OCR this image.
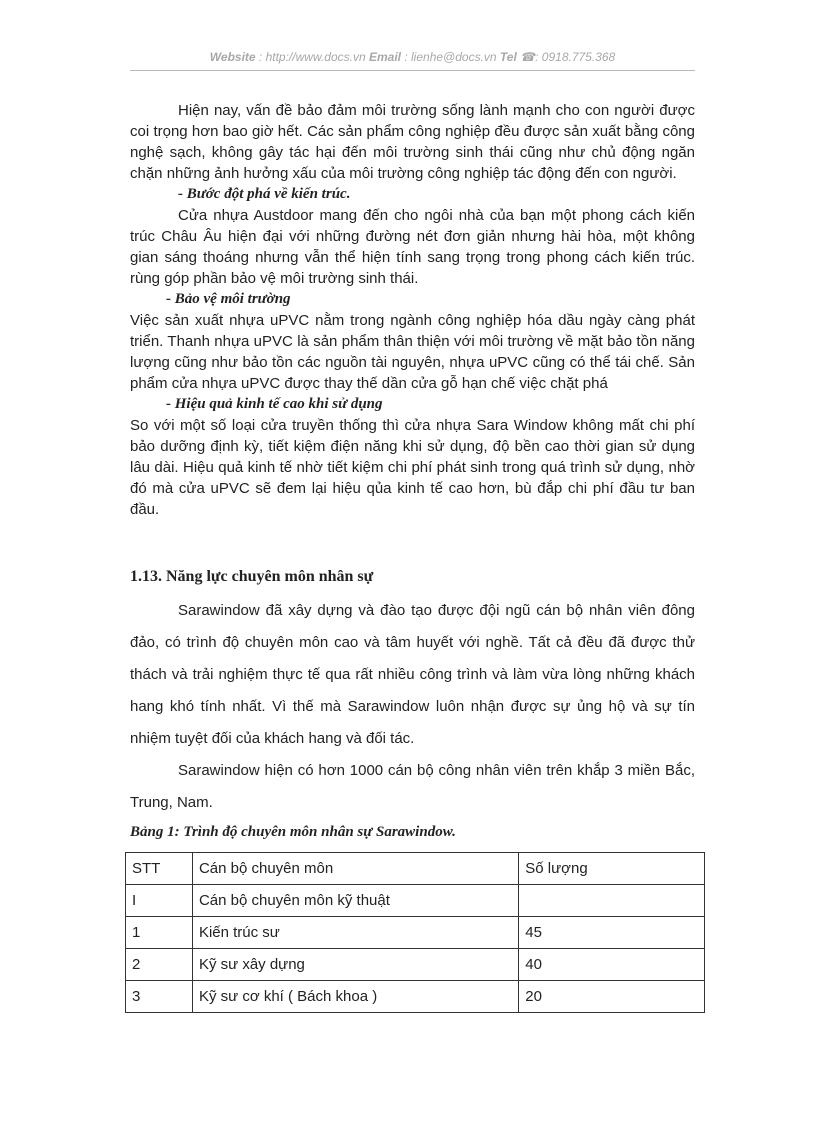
Website : http://www.docs.vn Email : lienhe@docs.vn Tel ☎: 0918.775.368

Hiện nay, vấn đề bảo đảm môi trường sống lành mạnh cho con người được coi trọng hơn bao giờ hết. Các sản phẩm công nghiệp đều được sản xuất bằng công nghệ sạch, không gây tác hại đến môi trường sinh thái cũng như chủ động ngăn chặn những ảnh hưởng xấu của môi trường công nghiệp tác động đến con người.

- Bước đột phá về kiến trúc.

Cửa nhựa Austdoor mang đến cho ngôi nhà của bạn một phong cách kiến trúc Châu Âu hiện đại với những đường nét đơn giản nhưng hài hòa, một không gian sáng thoáng nhưng vẫn thể hiện tính sang trọng trong phong cách kiến trúc. rùng góp phần bảo vệ môi trường sinh thái.

- Bảo vệ môi trường

Việc sản xuất nhựa uPVC nằm trong ngành công nghiệp hóa dầu ngày càng phát triển. Thanh nhựa uPVC là sản phẩm thân thiện với môi trường về mặt bảo tồn năng lượng cũng như bảo tồn các nguồn tài nguyên, nhựa uPVC cũng có thể tái chế. Sản phẩm cửa nhựa uPVC được thay thế dần cửa gỗ hạn chế việc chặt phá

- Hiệu quả kinh tế cao khi sử dụng

So với một số loại cửa truyền thống thì cửa nhựa Sara Window không mất chi phí bảo dưỡng định kỳ, tiết kiệm điện năng khi sử dụng, độ bền cao thời gian sử dụng lâu dài. Hiệu quả kinh tế nhờ tiết kiệm chi phí phát sinh trong quá trình sử dụng, nhờ đó mà cửa uPVC sẽ đem lại hiệu qủa kinh tế cao hơn, bù đắp chi phí đầu tư ban đầu.

1.13. Năng lực chuyên môn nhân sự

Sarawindow đã xây dựng và đào tạo được đội ngũ cán bộ nhân viên đông đảo, có trình độ chuyên môn cao và tâm huyết với nghề. Tất cả đều đã được thử thách và trải nghiệm thực tế qua rất nhiều công trình và làm vừa lòng những khách hang khó tính nhất. Vì thế mà Sarawindow luôn nhận được sự ủng hộ và sự tín nhiệm tuyệt đối của khách hang và đối tác.

Sarawindow hiện có hơn 1000 cán bộ công nhân viên trên khắp 3 miền Bắc, Trung, Nam.

Bảng 1: Trình độ chuyên môn nhân sự Sarawindow.
STT	Cán bộ chuyên môn	Số lượng
I	Cán bộ chuyên môn kỹ thuật	
1	Kiến trúc sư	45
2	Kỹ sư xây dựng	40
3	Kỹ sư cơ khí ( Bách khoa )	20
